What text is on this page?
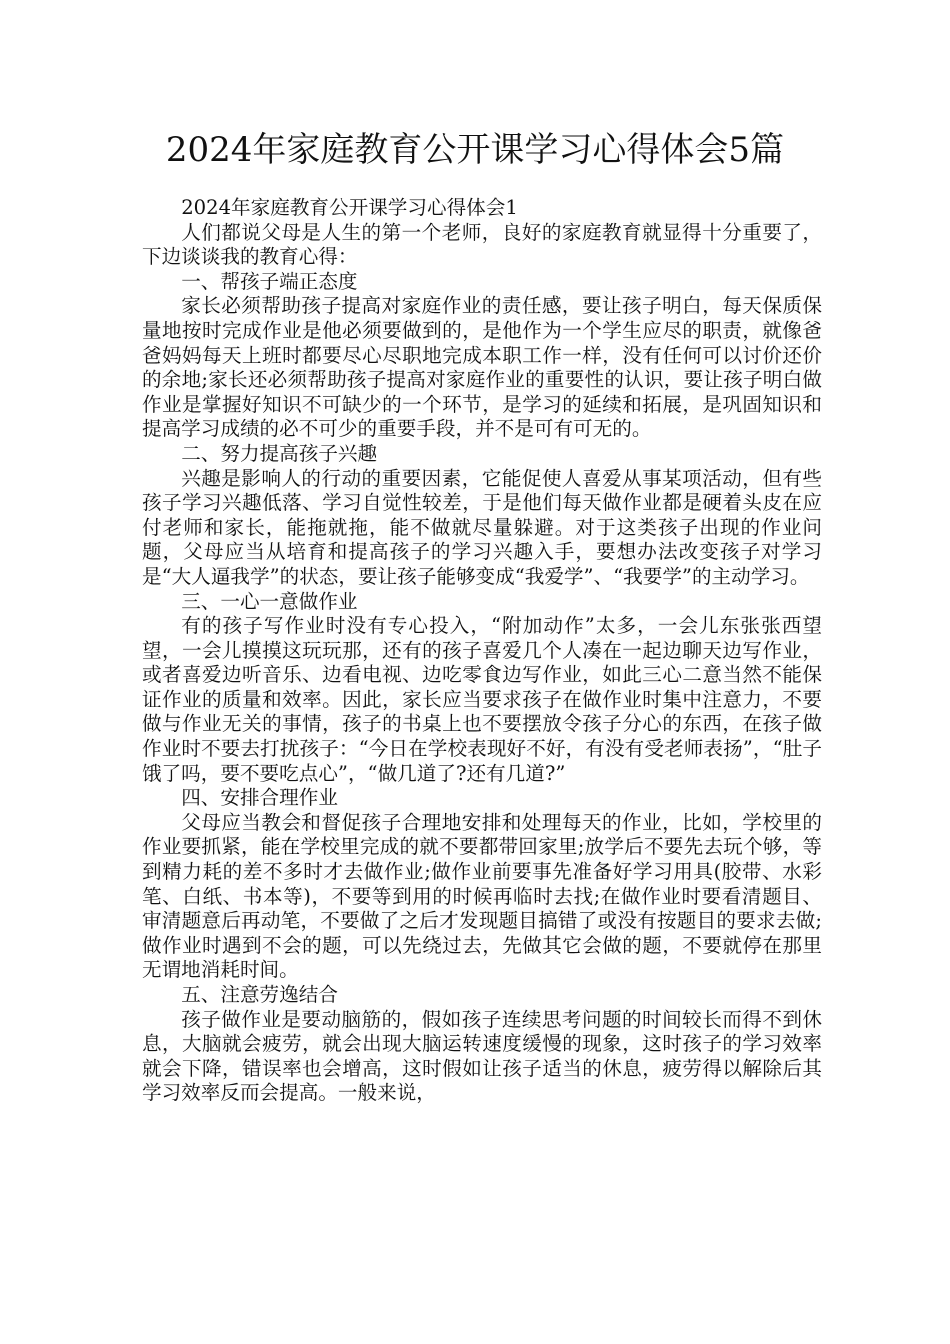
2024年家庭教育公开课学习心得体会5篇

2024年家庭教育公开课学习心得体会1

人们都说父母是人生的第一个老师，良好的家庭教育就显得十分重要了，下边谈谈我的教育心得：

一、帮孩子端正态度

家长必须帮助孩子提高对家庭作业的责任感，要让孩子明白，每天保质保量地按时完成作业是他必须要做到的，是他作为一个学生应尽的职责，就像爸爸妈妈每天上班时都要尽心尽职地完成本职工作一样，没有任何可以讨价还价的余地;家长还必须帮助孩子提高对家庭作业的重要性的认识，要让孩子明白做作业是掌握好知识不可缺少的一个环节，是学习的延续和拓展，是巩固知识和提高学习成绩的必不可少的重要手段，并不是可有可无的。

二、努力提高孩子兴趣

兴趣是影响人的行动的重要因素，它能促使人喜爱从事某项活动，但有些孩子学习兴趣低落、学习自觉性较差，于是他们每天做作业都是硬着头皮在应付老师和家长，能拖就拖，能不做就尽量躲避。对于这类孩子出现的作业问题，父母应当从培育和提高孩子的学习兴趣入手，要想办法改变孩子对学习是“大人逼我学”的状态，要让孩子能够变成“我爱学”、“我要学”的主动学习。

三、一心一意做作业

有的孩子写作业时没有专心投入，“附加动作”太多，一会儿东张张西望望，一会儿摸摸这玩玩那，还有的孩子喜爱几个人凑在一起边聊天边写作业，或者喜爱边听音乐、边看电视、边吃零食边写作业，如此三心二意当然不能保证作业的质量和效率。因此，家长应当要求孩子在做作业时集中注意力，不要做与作业无关的事情，孩子的书桌上也不要摆放令孩子分心的东西，在孩子做作业时不要去打扰孩子：“今日在学校表现好不好，有没有受老师表扬”，“肚子饿了吗，要不要吃点心”，“做几道了?还有几道?”

四、安排合理作业

父母应当教会和督促孩子合理地安排和处理每天的作业，比如，学校里的作业要抓紧，能在学校里完成的就不要都带回家里;放学后不要先去玩个够，等到精力耗的差不多时才去做作业;做作业前要事先准备好学习用具(胶带、水彩笔、白纸、书本等)，不要等到用的时候再临时去找;在做作业时要看清题目、审清题意后再动笔，不要做了之后才发现题目搞错了或没有按题目的要求去做;做作业时遇到不会的题，可以先绕过去，先做其它会做的题，不要就停在那里无谓地消耗时间。

五、注意劳逸结合

孩子做作业是要动脑筋的，假如孩子连续思考问题的时间较长而得不到休息，大脑就会疲劳，就会出现大脑运转速度缓慢的现象，这时孩子的学习效率就会下降，错误率也会增高，这时假如让孩子适当的休息，疲劳得以解除后其学习效率反而会提高。一般来说，
